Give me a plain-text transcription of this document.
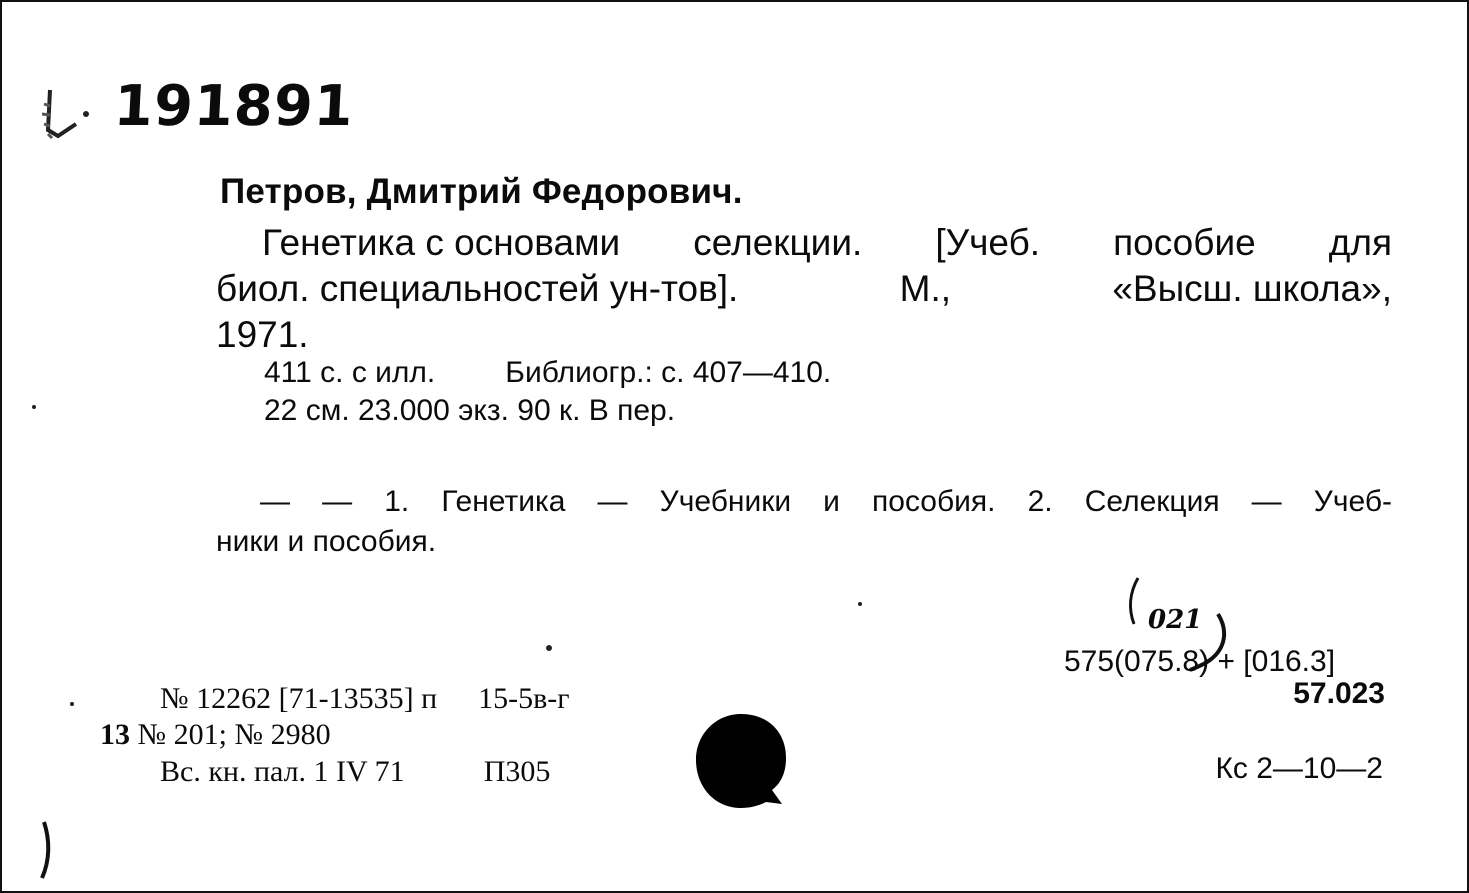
191891
Петров, Дмитрий Федорович.
Генетика с основами селекции. [Учеб. пособие для
биол. специальностей ун-тов].	М.,	«Высш. школа»,
1971.
411 с. с илл. Библиогр.: с. 407—410.
22 см. 23.000 экз. 90 к. В пер.
— — 1. Генетика — Учебники и пособия. 2. Селекция — Учеб-
ники и пособия.
021
575(075.8) + [016.3]
57.023
Кс 2—10—2
№ 12262 [71-13535] п 15-5в-г
13 № 201; № 2980
Вс. кн. пал. 1 IV 71	П305
